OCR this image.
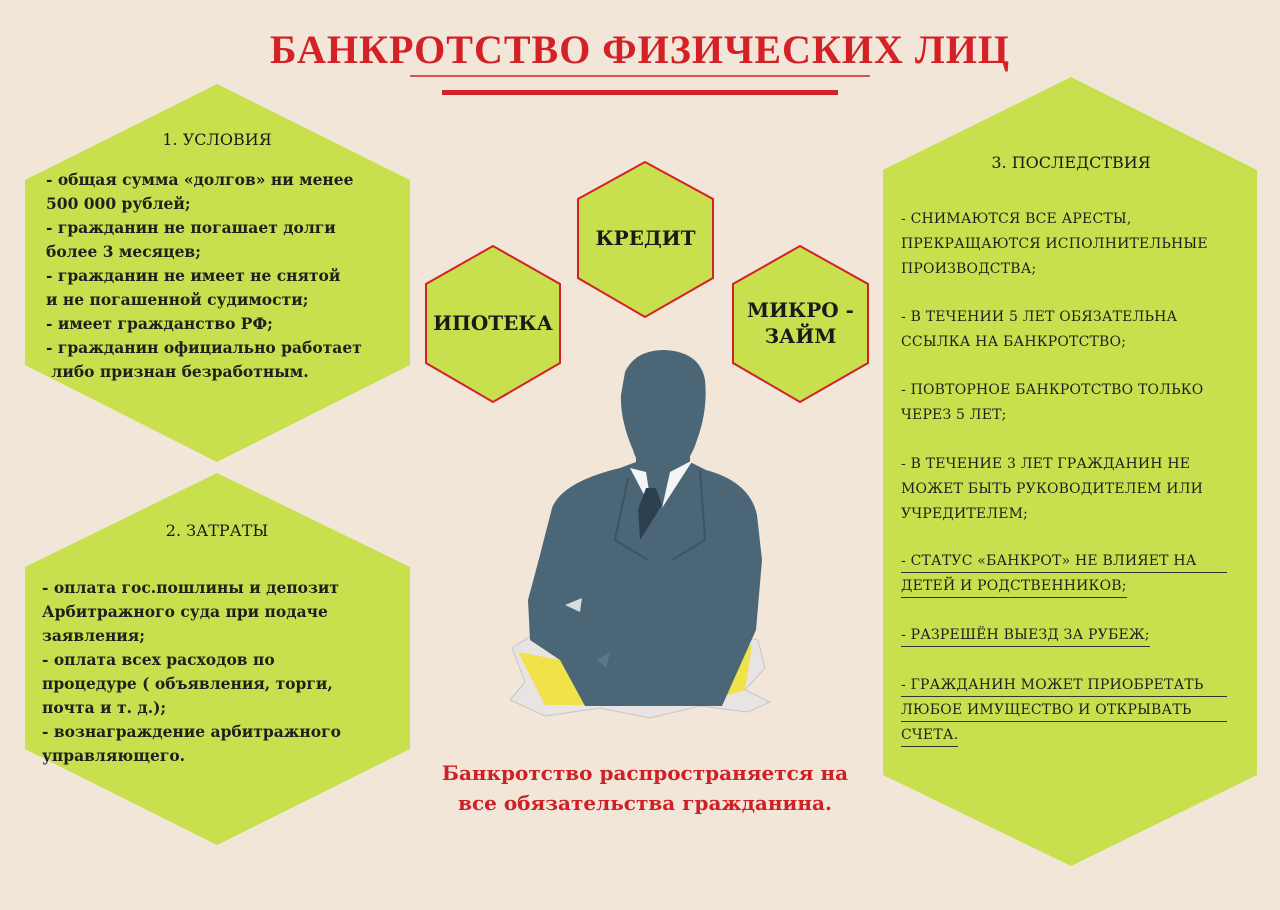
БАНКРОТСТВО ФИЗИЧЕСКИХ ЛИЦ
1. УСЛОВИЯ
- общая сумма «долгов» ни менее
500 000 рублей;
- гражданин не погашает долги
более 3 месяцев;
- гражданин не имеет не снятой
и не погашенной судимости;
- имеет гражданство РФ;
- гражданин официально работает
либо признан безработным.
2. ЗАТРАТЫ
- оплата гос.пошлины и депозит
Арбитражного суда при подаче
заявления;
- оплата всех расходов по
процедуре ( объявления, торги,
почта и т. д.);
- вознаграждение арбитражного
управляющего.
КРЕДИТ
ИПОТЕКА
МИКРО -
ЗАЙМ
3. ПОСЛЕДСТВИЯ
- СНИМАЮТСЯ ВСЕ АРЕСТЫ,
ПРЕКРАЩАЮТСЯ ИСПОЛНИТЕЛЬНЫЕ
ПРОИЗВОДСТВА;
- В ТЕЧЕНИИ 5 ЛЕТ ОБЯЗАТЕЛЬНА
ССЫЛКА НА БАНКРОТСТВО;
- ПОВТОРНОЕ БАНКРОТСТВО ТОЛЬКО
ЧЕРЕЗ 5 ЛЕТ;
- В ТЕЧЕНИЕ 3 ЛЕТ ГРАЖДАНИН НЕ
МОЖЕТ БЫТЬ РУКОВОДИТЕЛЕМ ИЛИ
УЧРЕДИТЕЛЕМ;
- СТАТУС «БАНКРОТ» НЕ ВЛИЯЕТ НА
ДЕТЕЙ И РОДСТВЕННИКОВ;
- РАЗРЕШЁН ВЫЕЗД ЗА РУБЕЖ;
- ГРАЖДАНИН МОЖЕТ ПРИОБРЕТАТЬ
ЛЮБОЕ ИМУЩЕСТВО И ОТКРЫВАТЬ
СЧЕТА.
Банкротство распространяется на
все обязательства гражданина.
